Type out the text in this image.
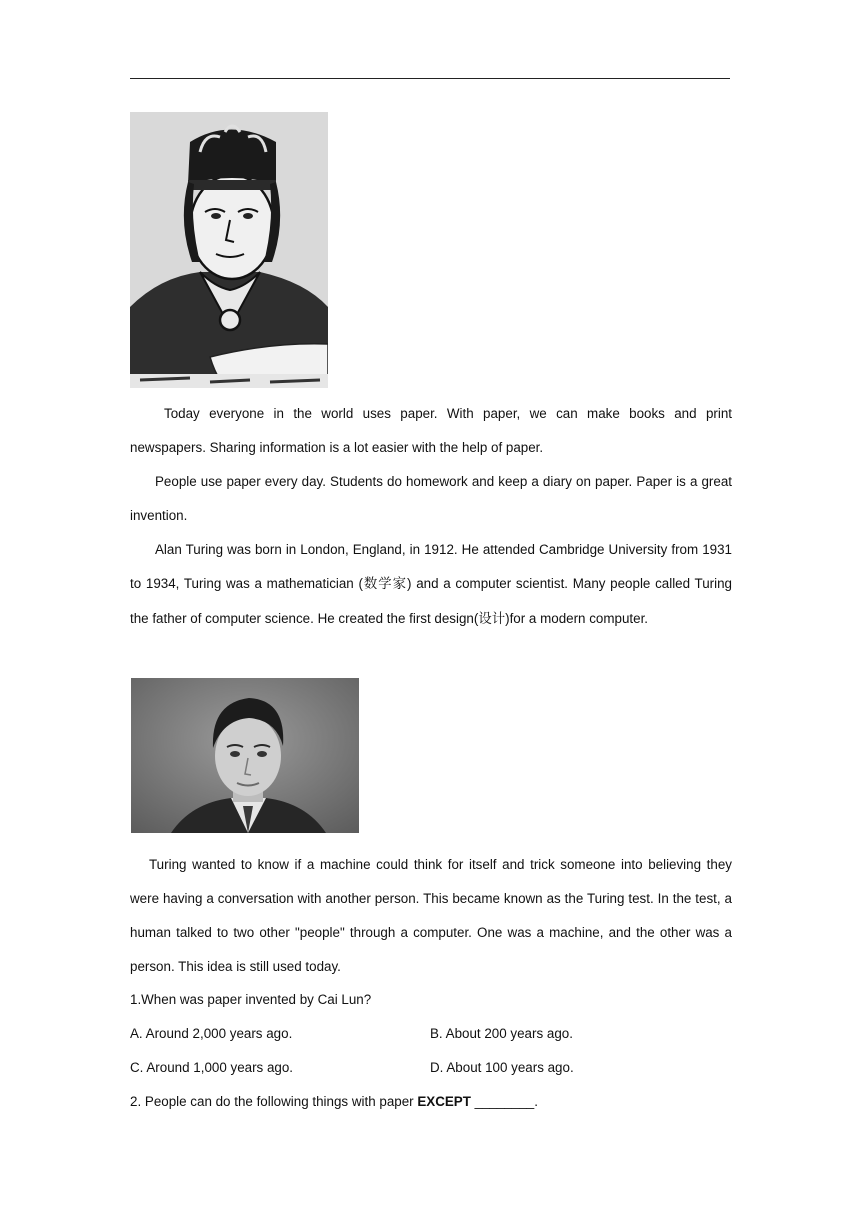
Today everyone in the world uses paper. With paper, we can make books and print newspapers. Sharing information is a lot easier with the help of paper.

People use paper every day. Students do homework and keep a diary on paper. Paper is a great invention.

Alan Turing was born in London, England, in 1912. He attended Cambridge University from 1931 to 1934, Turing was a mathematician (数学家) and a computer scientist. Many people called Turing the father of computer science. He created the first design(设计)for a modern computer.

Turing wanted to know if a machine could think for itself and trick someone into believing they were having a conversation with another person. This became known as the Turing test. In the test, a human talked to two other "people" through a computer. One was a machine, and the other was a person. This idea is still used today.

1.When was paper invented by Cai Lun?
A. Around 2,000 years ago.	B. About 200 years ago.
C. Around 1,000 years ago.	D. About 100 years ago.
2. People can do the following things with paper EXCEPT ________.
